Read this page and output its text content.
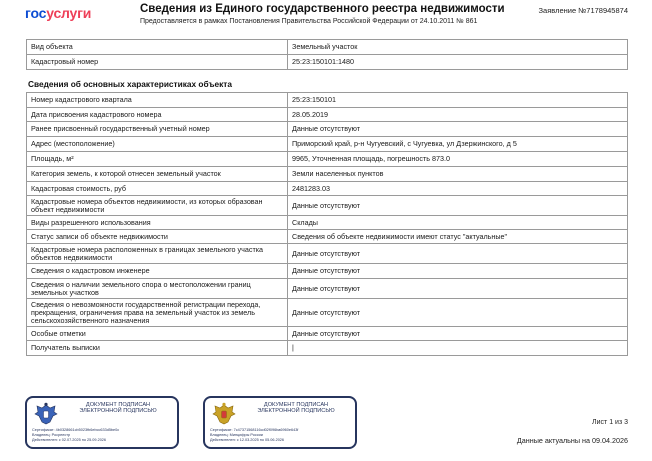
госуслуги	Сведения из Единого государственного реестра недвижимости
Предоставляется в рамках Постановления Правительства Российской Федерации от 24.10.2011 № 861
Заявление №7178945874
Вид объекта	Земельный участок
Кадастровый номер	25:23:150101:1480
Сведения об основных характеристиках объекта
Номер кадастрового квартала	25:23:150101
Дата присвоения кадастрового номера	28.05.2019
Ранее присвоенный государственный учетный номер	Данные отсутствуют
Адрес (местоположение)	Приморский край, р-н Чугуевский, с Чугуевка, ул Дзержинского, д 5
Площадь, м²	9965, Уточненная площадь, погрешность 873.0
Категория земель, к которой отнесен земельный участок	Земли населенных пунктов
Кадастровая стоимость, руб	2481283.03
Кадастровые номера объектов недвижимости, из которых образован объект недвижимости	Данные отсутствуют
Виды разрешенного использования	Склады
Статус записи об объекте недвижимости	Сведения об объекте недвижимости имеют статус "актуальные"
Кадастровые номера расположенных в границах земельного участка объектов недвижимости	Данные отсутствуют
Сведения о кадастровом инженере	Данные отсутствуют
Сведения о наличии земельного спора о местоположении границ земельных участков	Данные отсутствуют
Сведения о невозможности государственной регистрации перехода, прекращения, ограничения права на земельный участок из земель сельскохозяйственного назначения	Данные отсутствуют
Особые отметки	Данные отсутствуют
Получатель выписки	|
ДОКУМЕНТ ПОДПИСАН ЭЛЕКТРОННОЙ ПОДПИСЬЮ
Сертификат: 4b0328661cb5023fb6ebcc633d5be0c
Владелец: Росреестр
Действителен: с 02.07.2025 по 25.09.2026
ДОКУМЕНТ ПОДПИСАН ЭЛЕКТРОННОЙ ПОДПИСЬЮ
Сертификат: 7c47371568116cd02f096ba6960e643f
Владелец: Минцифры России
Действителен: с 12.03.2025 по 05.06.2026
Лист 1 из 3
Данные актуальны на 09.04.2026
